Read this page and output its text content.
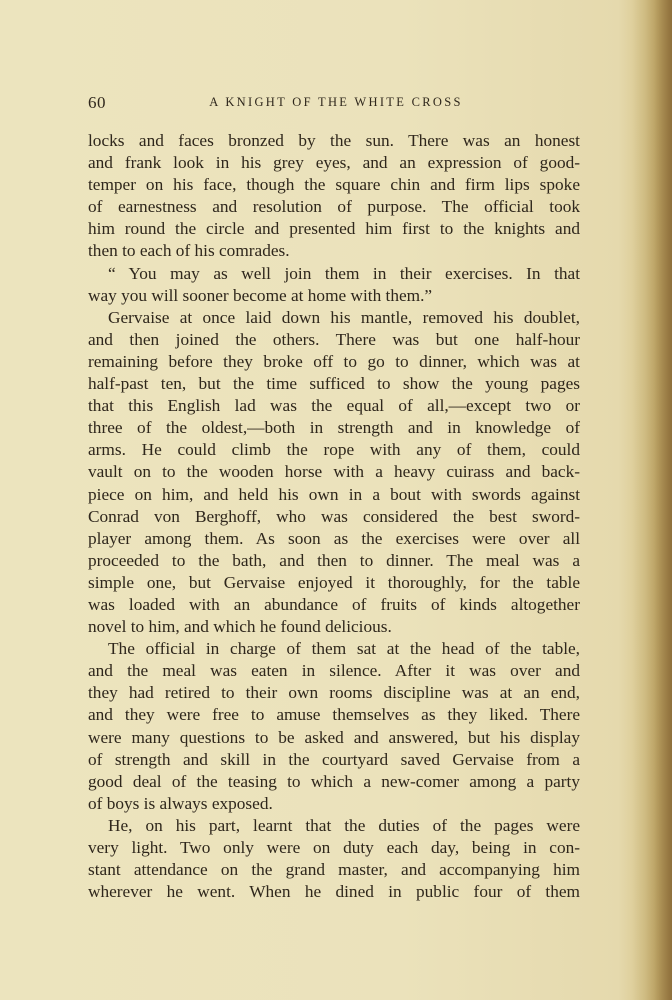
60	A KNIGHT OF THE WHITE CROSS
locks and faces bronzed by the sun. There was an honest
and frank look in his grey eyes, and an expression of good-
temper on his face, though the square chin and firm lips spoke
of earnestness and resolution of purpose. The official took
him round the circle and presented him first to the knights and
then to each of his comrades.
“ You may as well join them in their exercises. In that
way you will sooner become at home with them.”
Gervaise at once laid down his mantle, removed his doublet,
and then joined the others. There was but one half-hour
remaining before they broke off to go to dinner, which was at
half-past ten, but the time sufficed to show the young pages
that this English lad was the equal of all,—except two or
three of the oldest,—both in strength and in knowledge of
arms. He could climb the rope with any of them, could
vault on to the wooden horse with a heavy cuirass and back-
piece on him, and held his own in a bout with swords against
Conrad von Berghoff, who was considered the best sword-
player among them. As soon as the exercises were over all
proceeded to the bath, and then to dinner. The meal was a
simple one, but Gervaise enjoyed it thoroughly, for the table
was loaded with an abundance of fruits of kinds altogether
novel to him, and which he found delicious.
The official in charge of them sat at the head of the table,
and the meal was eaten in silence. After it was over and
they had retired to their own rooms discipline was at an end,
and they were free to amuse themselves as they liked. There
were many questions to be asked and answered, but his display
of strength and skill in the courtyard saved Gervaise from a
good deal of the teasing to which a new-comer among a party
of boys is always exposed.
He, on his part, learnt that the duties of the pages were
very light. Two only were on duty each day, being in con-
stant attendance on the grand master, and accompanying him
wherever he went. When he dined in public four of them
